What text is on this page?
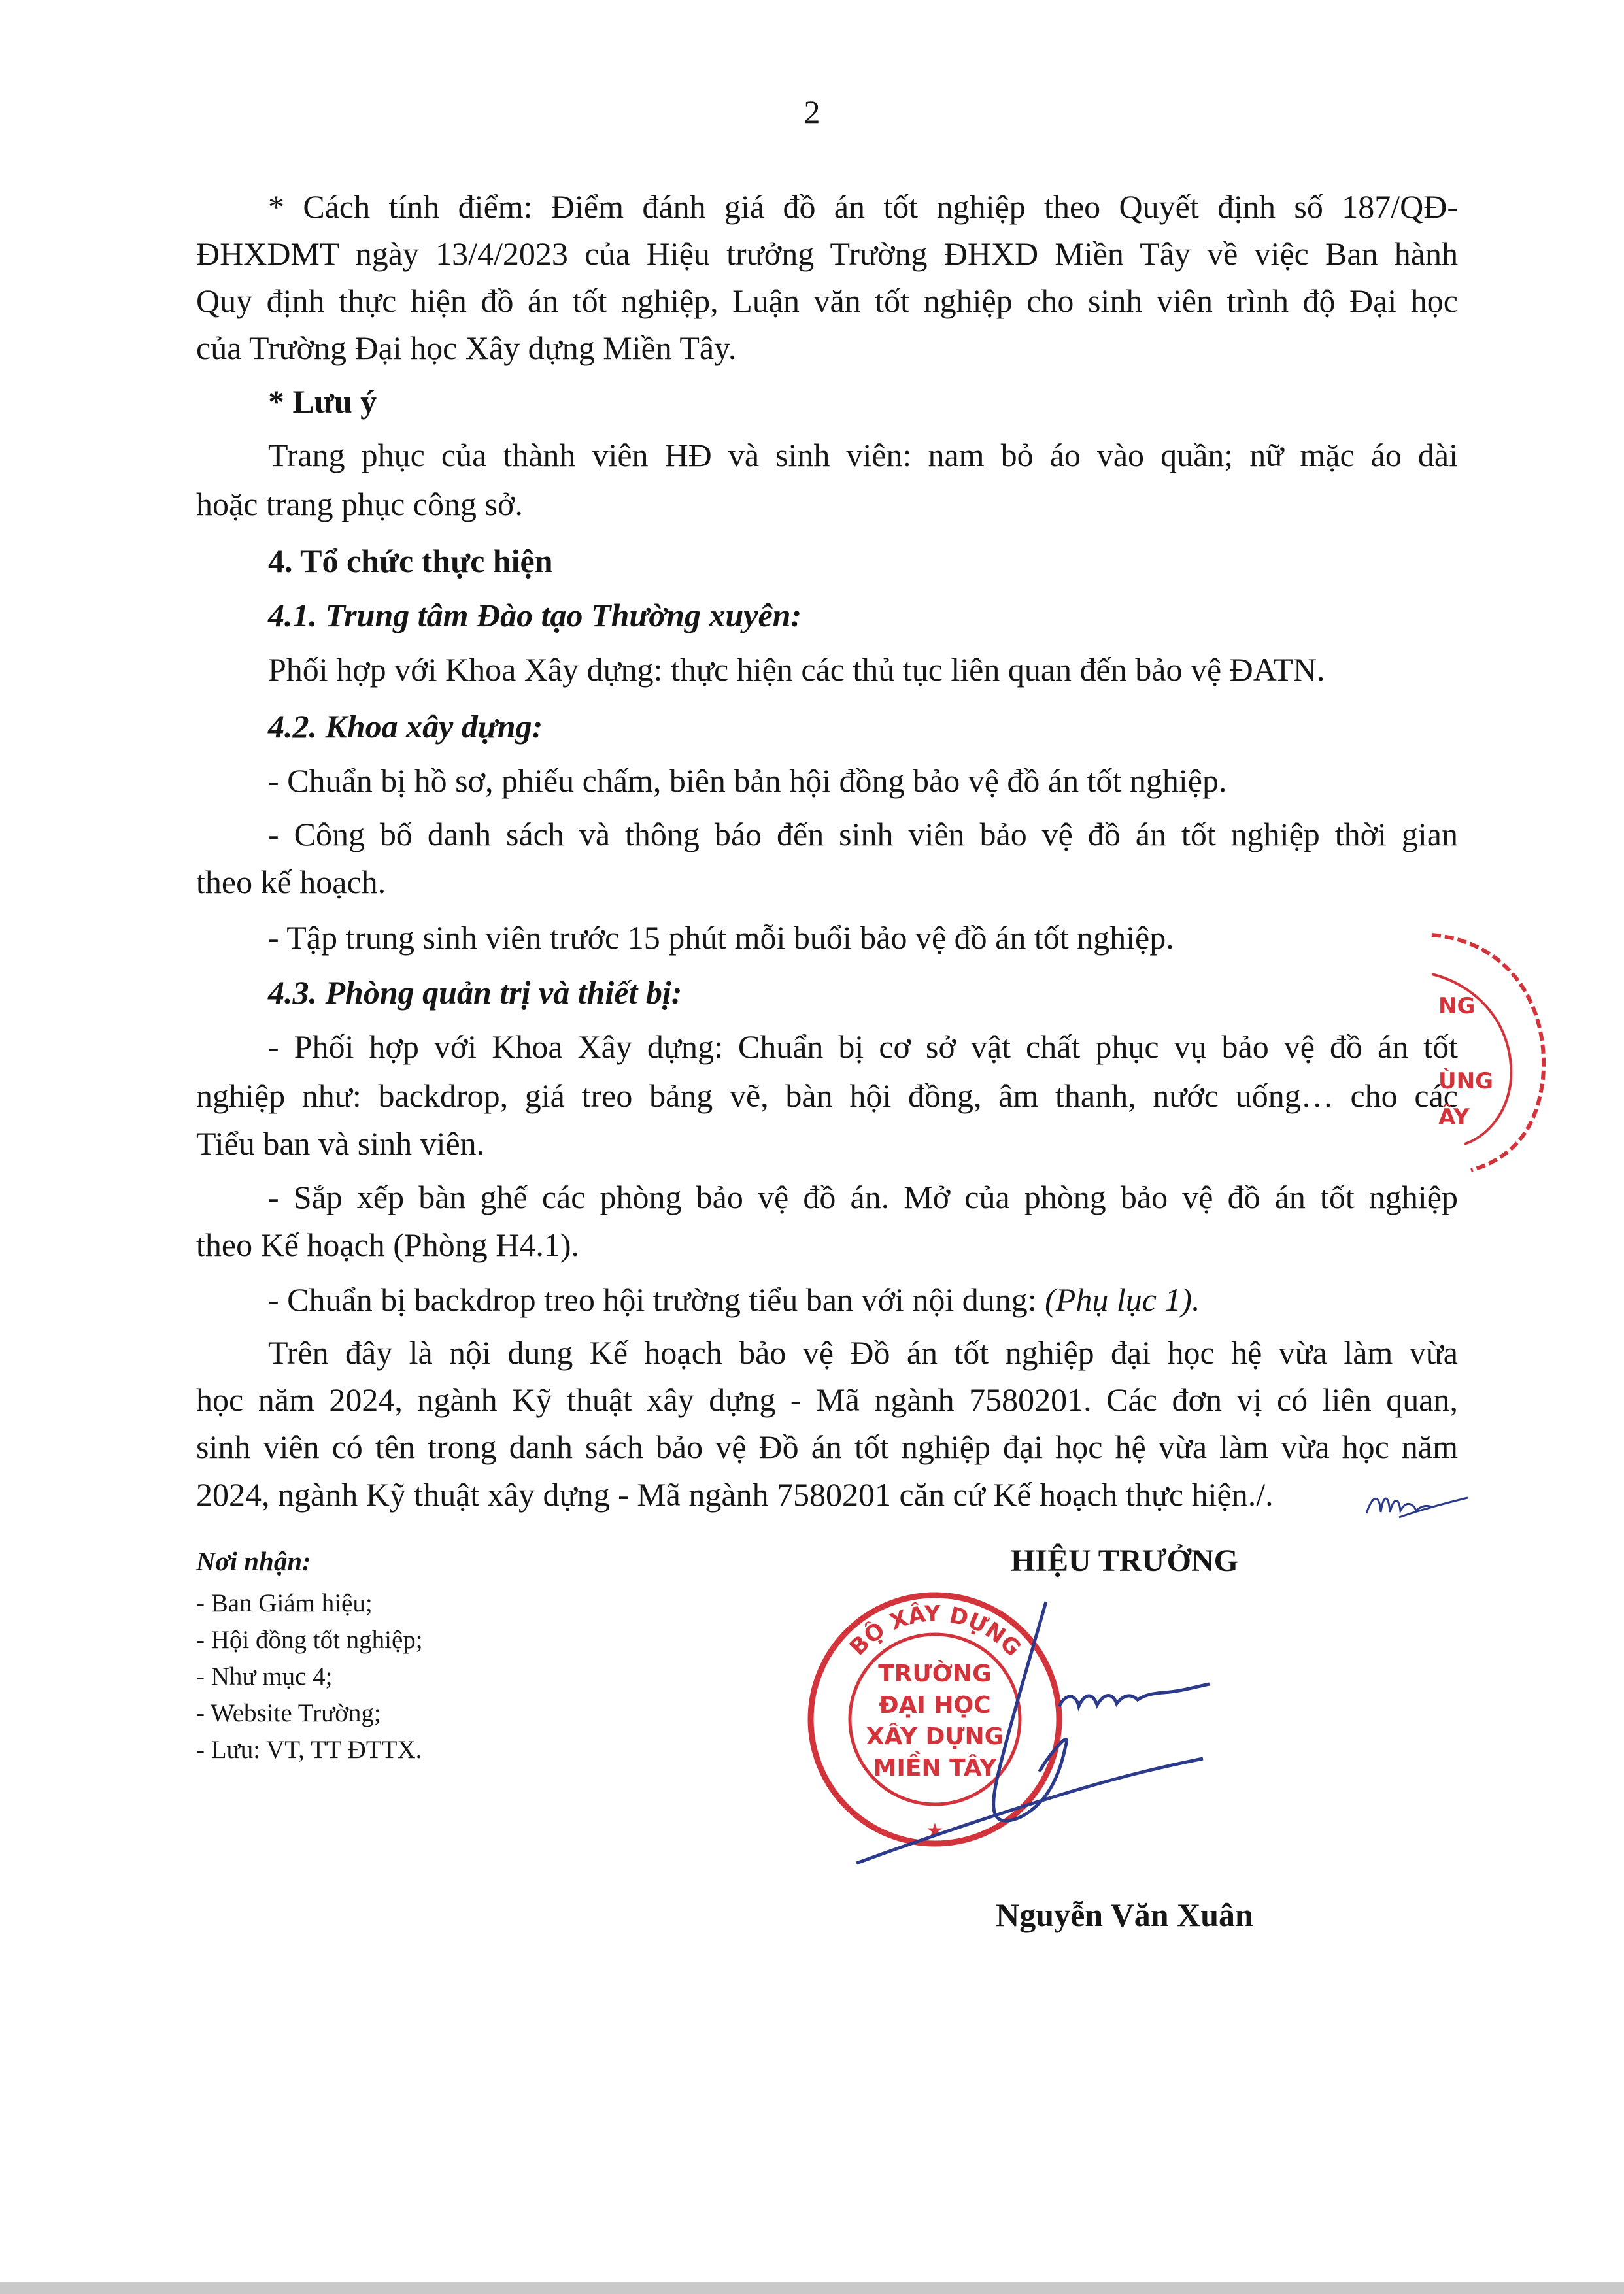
2
* Cách tính điểm: Điểm đánh giá đồ án tốt nghiệp theo Quyết định số 187/QĐ-
ĐHXDMT ngày 13/4/2023 của Hiệu trưởng Trường ĐHXD Miền Tây về việc Ban hành
Quy định thực hiện đồ án tốt nghiệp, Luận văn tốt nghiệp cho sinh viên trình độ Đại học
của Trường Đại học Xây dựng Miền Tây.
* Lưu ý
Trang phục của thành viên HĐ và sinh viên: nam bỏ áo vào quần; nữ mặc áo dài
hoặc trang phục công sở.
4. Tổ chức thực hiện
4.1. Trung tâm Đào tạo Thường xuyên:
Phối hợp với Khoa Xây dựng: thực hiện các thủ tục liên quan đến bảo vệ ĐATN.
4.2. Khoa xây dựng:
- Chuẩn bị hồ sơ, phiếu chấm, biên bản hội đồng bảo vệ đồ án tốt nghiệp.
- Công bố danh sách và thông báo đến sinh viên bảo vệ đồ án tốt nghiệp thời gian
theo kế hoạch.
- Tập trung sinh viên trước 15 phút mỗi buổi bảo vệ đồ án tốt nghiệp.
4.3. Phòng quản trị và thiết bị:
- Phối hợp với Khoa Xây dựng: Chuẩn bị cơ sở vật chất phục vụ bảo vệ đồ án tốt
nghiệp như: backdrop, giá treo bảng vẽ, bàn hội đồng, âm thanh, nước uống… cho các
Tiểu ban và sinh viên.
- Sắp xếp bàn ghế các phòng bảo vệ đồ án. Mở của phòng bảo vệ đồ án tốt nghiệp
theo Kế hoạch (Phòng H4.1).
- Chuẩn bị backdrop treo hội trường tiểu ban với nội dung: (Phụ lục 1).
Trên đây là nội dung Kế hoạch bảo vệ Đồ án tốt nghiệp đại học hệ vừa làm vừa
học năm 2024, ngành Kỹ thuật xây dựng - Mã ngành 7580201. Các đơn vị có liên quan,
sinh viên có tên trong danh sách bảo vệ Đồ án tốt nghiệp đại học hệ vừa làm vừa học năm
2024, ngành Kỹ thuật xây dựng - Mã ngành 7580201 căn cứ Kế hoạch thực hiện./.
Nơi nhận:
- Ban Giám hiệu;
- Hội đồng tốt nghiệp;
- Như mục 4;
- Website Trường;
- Lưu: VT, TT ĐTTX.
HIỆU TRƯỞNG
BỘ XÂY DỰNG
TRƯỜNG
ĐẠI HỌC
XÂY DỰNG
MIỀN TÂY
★
Nguyễn Văn Xuân
NG
ÙNG
ÂY
